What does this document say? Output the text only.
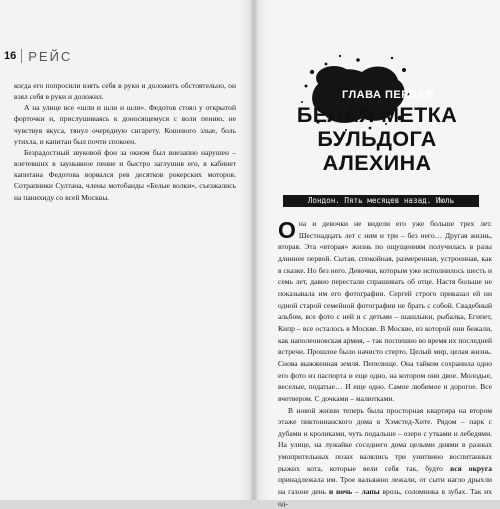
16 РЕЙС

когда его попросили взять себя в руки и доложить обстоятельно, он взял себя в руки и доложил.

А на улице все «шли и шли и шли». Федотов стоял у открытой форточки и, прислушиваясь к доносящемуся с воли пению, не чувствуя вкуса, тянул очередную сигарету. Кошевого злые, боль утихла, и капитан был почти спокоен.

Безрадостный звуковой фон за окном был внезапно нарушен – влетевших в заунывное пение и быстро заглушив его, в кабинет капитана Федотова ворвался рев десятков рокерских моторов. Сотрапники Султана, члены мотобанды «Белые волки», съезжались на панихиду со всей Москвы.

ГЛАВА ПЕРВАЯ
БЕЛАЯ МЕТКА
БУЛЬДОГА
АЛЕХИНА
Лондон. Пять месяцев назад. Июль

Она и девочки не видели его уже больше трех лет. Шестнадцать лет с ним и три – без него… Другая жизнь, вторая. Эта «вторая» жизнь по ощущениям получилась в разы длиннее первой. Сытая, спокойная, размеренная, устроенная, как в сказке. Но без него. Девочки, которым уже исполнилось шесть и семь лет, давно перестали спрашивать об отце. Настя больше не показывала им его фотографии. Сергей строго приказал ей ни одной старой семейной фотографии не брать с собой. Свадебный альбом, все фото с ней и с детьми – шашлыки, рыбалка, Египет, Кипр – все осталось в Москве. В Москве, из которой они бежали, как наполеоновская армия, – так поспешно во время их последней встречи. Прошлое было начисто стерто. Целый мир, целая жизнь. Снова выжженная земля. Пепелище. Она тайком сохранила одно его фото из паспорта и еще одно, на котором они двое. Молодые, веселые, податые… И еще одно. Самое любимое и дорогое. Все вчетвером. С дочками – малютками.

В новой жизни теперь была просторная квартира на втором этаже пиктонианского дома в Хэмстед-Хите. Рядом – парк с дубами и кроликами, чуть подальше – озеро с утками и лебедями. На улице, на лужайке соседнего дома целыми днями в разных умопрительных позах валялись три унитвино воспитанных рыжих кота, которые вели себя так, будто вся округа принадлежала им. Трое вальяжно лежали, от сыти нагло дрыхли на газоне день и ночь – лапы врозь, соломинка в зубах. Так их од-
